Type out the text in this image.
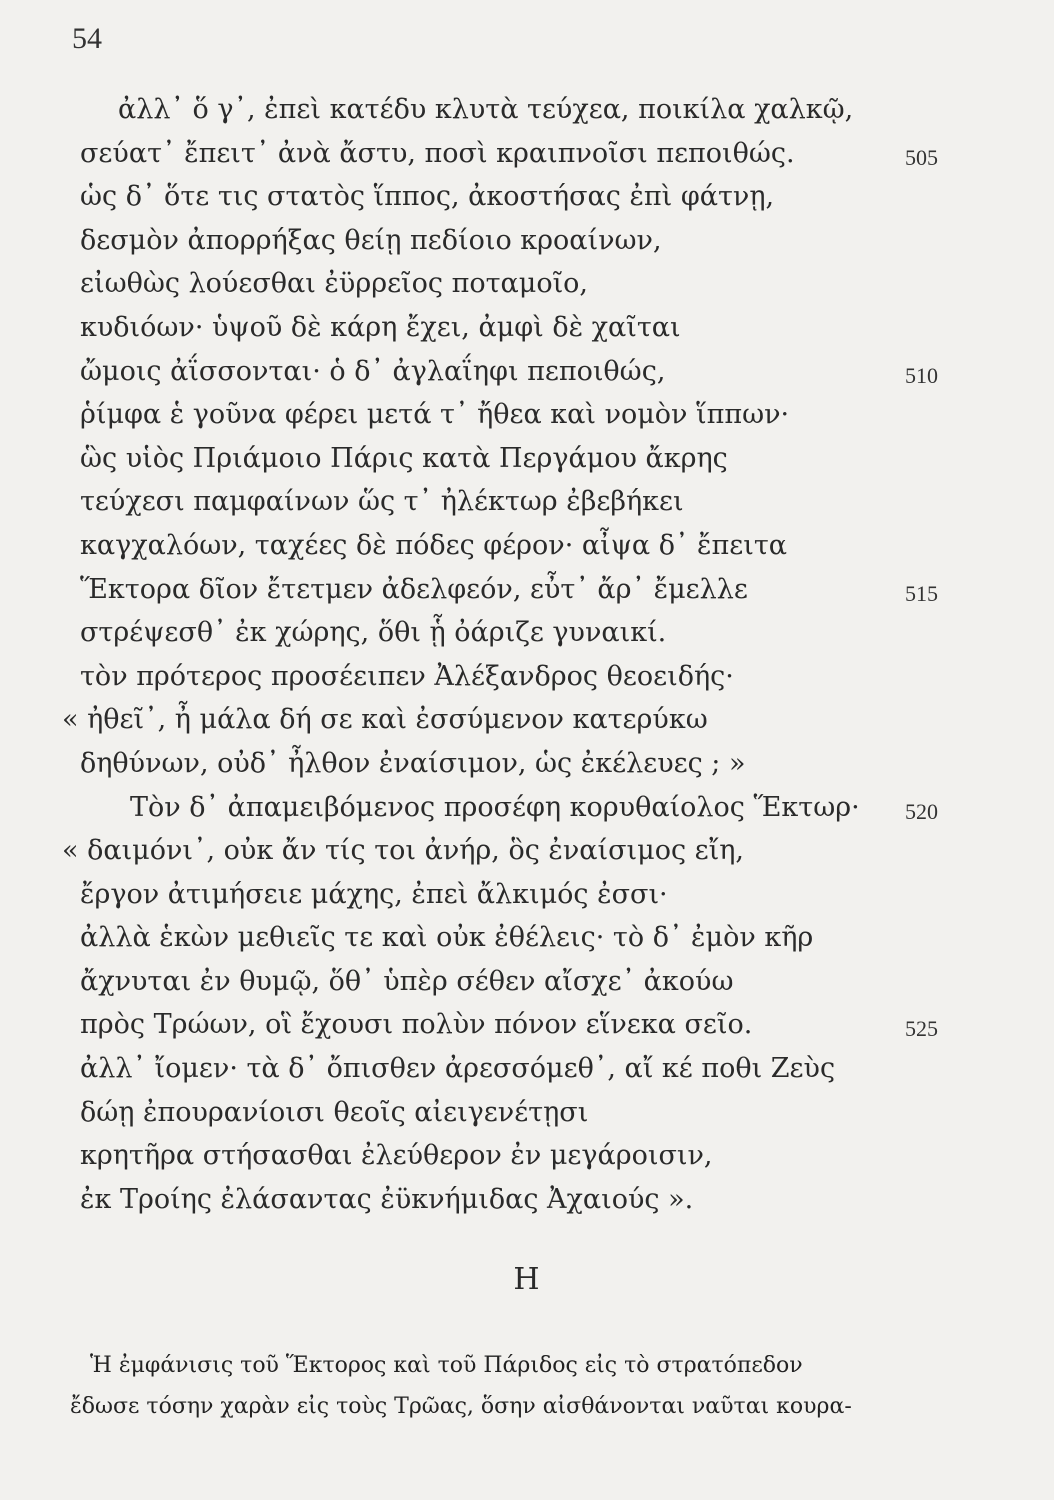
54
ἀλλ᾽ ὅ γ᾽, ἐπεὶ κατέδυ κλυτὰ τεύχεα, ποικίλα χαλκῷ,
σεύατ᾽ ἔπειτ᾽ ἀνὰ ἄστυ, ποσὶ κραιπνοῖσι πεποιθώς.	505
ὡς δ᾽ ὅτε τις στατὸς ἵππος, ἀκοστήσας ἐπὶ φάτνῃ,
δεσμὸν ἀπορρήξας θείῃ πεδίοιο κροαίνων,
εἰωθὼς λούεσθαι ἐϋρρεῖος ποταμοῖο,
κυδιόων· ὑψοῦ δὲ κάρη ἔχει, ἀμφὶ δὲ χαῖται
ὤμοις ἀΐσσονται· ὁ δ᾽ ἀγλαΐηφι πεποιθώς,	510
ῥίμφα ἑ γοῦνα φέρει μετά τ᾽ ἤθεα καὶ νομὸν ἵππων·
ὣς υἱὸς Πριάμοιο Πάρις κατὰ Περγάμου ἄκρης
τεύχεσι παμφαίνων ὥς τ᾽ ἠλέκτωρ ἐβεβήκει
καγχαλόων, ταχέες δὲ πόδες φέρον· αἶψα δ᾽ ἔπειτα
Ἕκτορα δῖον ἔτετμεν ἀδελφεόν, εὖτ᾽ ἄρ᾽ ἔμελλε	515
στρέψεσθ᾽ ἐκ χώρης, ὅθι ᾗ ὀάριζε γυναικί.
τὸν πρότερος προσέειπεν Ἀλέξανδρος θεοειδής·
« ἠθεῖ᾽, ἦ μάλα δή σε καὶ ἐσσύμενον κατερύκω
δηθύνων, οὐδ᾽ ἦλθον ἐναίσιμον, ὡς ἐκέλευες ; »
Τὸν δ᾽ ἀπαμειβόμενος προσέφη κορυθαίολος Ἕκτωρ· 520
« δαιμόνι᾽, οὐκ ἄν τίς τοι ἀνήρ, ὃς ἐναίσιμος εἴη,
ἔργον ἀτιμήσειε μάχης, ἐπεὶ ἄλκιμός ἐσσι·
ἀλλὰ ἑκὼν μεθιεῖς τε καὶ οὐκ ἐθέλεις· τὸ δ᾽ ἐμὸν κῆρ
ἄχνυται ἐν θυμῷ, ὅθ᾽ ὑπὲρ σέθεν αἴσχε᾽ ἀκούω
πρὸς Τρώων, οἳ ἔχουσι πολὺν πόνον εἵνεκα σεῖο.	525
ἀλλ᾽ ἴομεν· τὰ δ᾽ ὄπισθεν ἀρεσσόμεθ᾽, αἴ κέ ποθι Ζεὺς
δώῃ ἐπουρανίοισι θεοῖς αἰειγενέτῃσι
κρητῆρα στήσασθαι ἐλεύθερον ἐν μεγάροισιν,
ἐκ Τροίης ἐλάσαντας ἐϋκνήμιδας Ἀχαιούς ».
Η
Ἡ ἐμφάνισις τοῦ Ἕκτορος καὶ τοῦ Πάριδος εἰς τὸ στρατόπεδον
ἔδωσε τόσην χαρὰν εἰς τοὺς Τρῶας, ὅσην αἰσθάνονται ναῦται κουρα-
